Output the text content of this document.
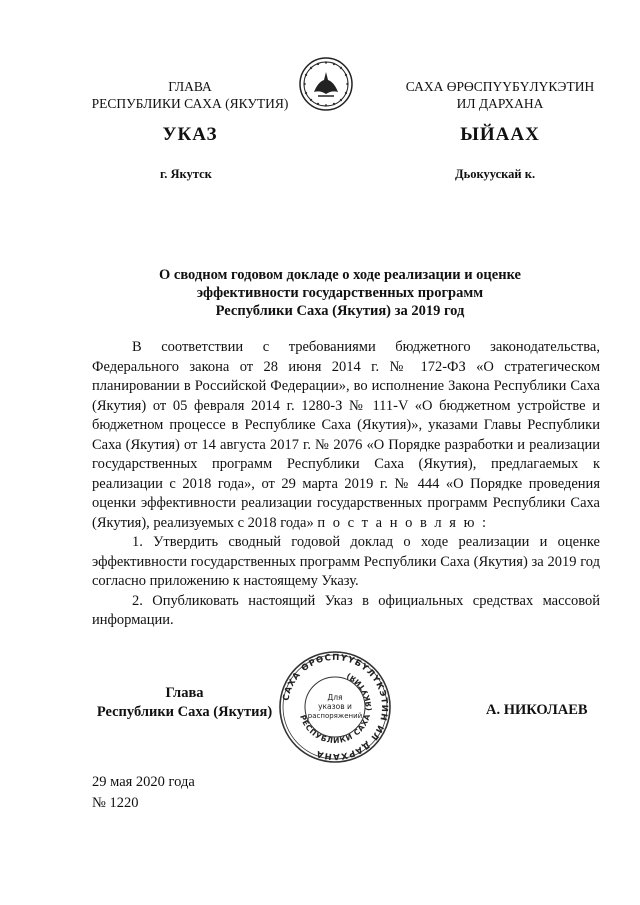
ГЛАВА
РЕСПУБЛИКИ САХА (ЯКУТИЯ)
САХА ӨРӨСПҮҮБҮЛҮКЭТИН
ИЛ ДАРХАНА
УКАЗ	ЫЙААХ
г. Якутск	Дьокуускай к.
О сводном годовом докладе о ходе реализации и оценке
эффективности государственных программ
Республики Саха (Якутия) за 2019 год

В соответствии с требованиями бюджетного законодательства, Федерального закона от 28 июня 2014 г. № 172-ФЗ «О стратегическом планировании в Российской Федерации», во исполнение Закона Республики Саха (Якутия) от 05 февраля 2014 г. 1280-З № 111-V «О бюджетном устройстве и бюджетном процессе в Республике Саха (Якутия)», указами Главы Республики Саха (Якутия) от 14 августа 2017 г. № 2076 «О Порядке разработки и реализации государственных программ Республики Саха (Якутия), предлагаемых к реализации с 2018 года», от 29 марта 2019 г. № 444 «О Порядке проведения оценки эффективности реализации государственных программ Республики Саха (Якутия), реализуемых с 2018 года» п о с т а н о в л я ю :

1. Утвердить сводный годовой доклад о ходе реализации и оценке эффективности государственных программ Республики Саха (Якутия) за 2019 год согласно приложению к настоящему Указу.

2. Опубликовать настоящий Указ в официальных средствах массовой информации.

Глава
Республики Саха (Якутия)
САХА ӨРӨСПҮҮБҮЛҮКЭТИН ИЛ ДАРХАНА
РЕСПУБЛИКИ САХА (ЯКУТИЯ)
Для
указов и
распоряжений	А. НИКОЛАЕВ
29 мая 2020 года
№ 1220
